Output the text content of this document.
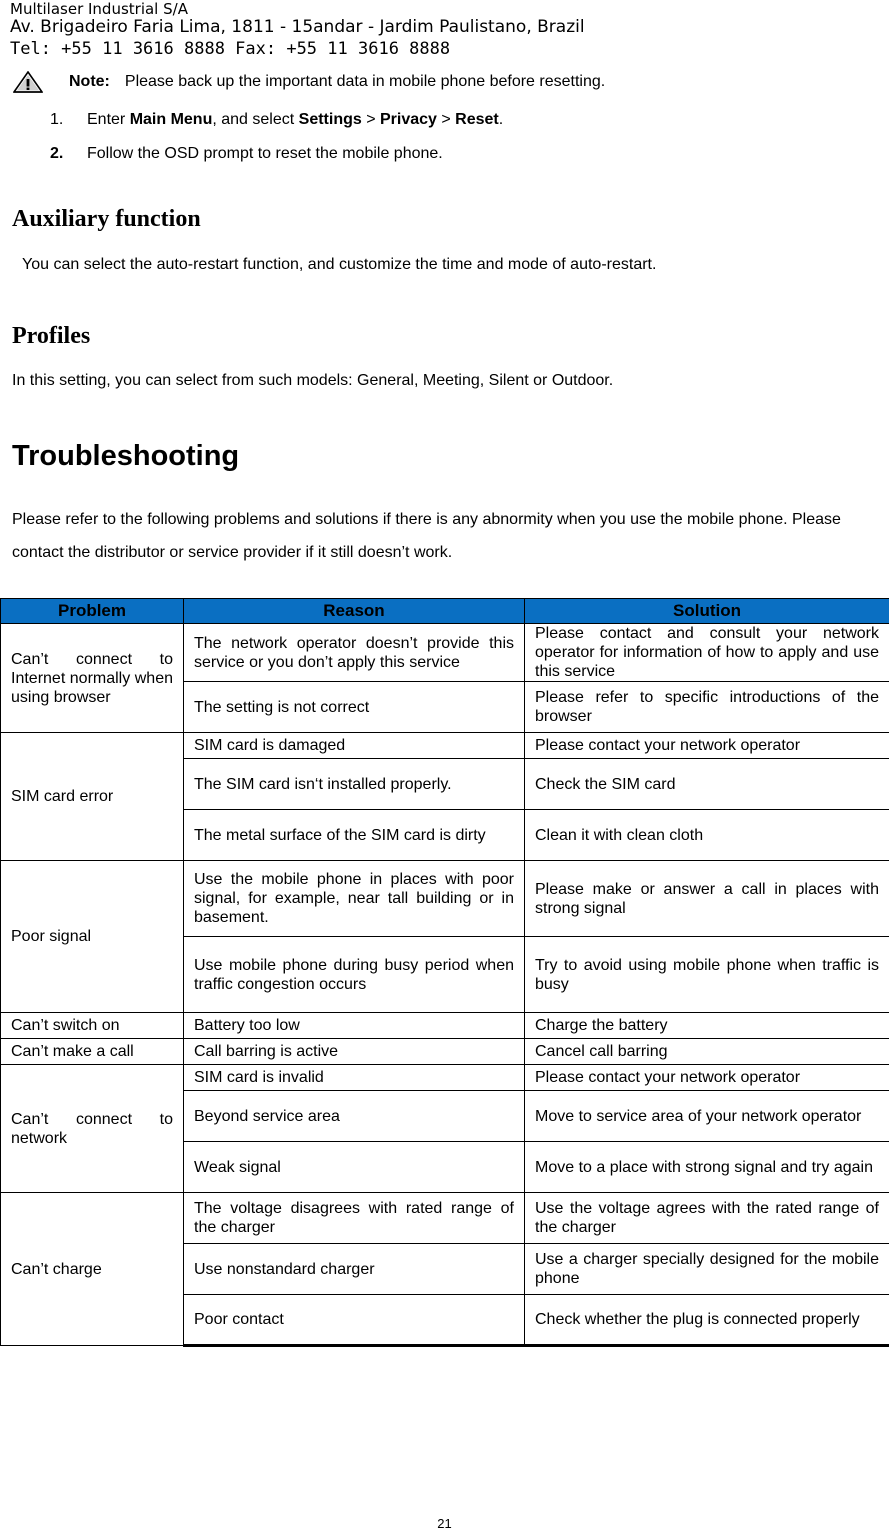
Multilaser Industrial S/A
Av. Brigadeiro Faria Lima, 1811 - 15andar - Jardim Paulistano, Brazil
Tel: +55 11 3616 8888 Fax: +55 11 3616 8888
Note: Please back up the important data in mobile phone before resetting.
1.	Enter Main Menu, and select Settings > Privacy > Reset.
2.	Follow the OSD prompt to reset the mobile phone.
Auxiliary function
You can select the auto-restart function, and customize the time and mode of auto-restart.
Profiles
In this setting, you can select from such models: General, Meeting, Silent or Outdoor.
Troubleshooting
Please refer to the following problems and solutions if there is any abnormity when you use the mobile phone. Please contact the distributor or service provider if it still doesn’t work.
Problem	Reason	Solution
Can’t connect to Internet normally when using browser	The network operator doesn’t provide this service or you don’t apply this service	Please contact and consult your network operator for information of how to apply and use this service
	The setting is not correct	Please refer to specific introductions of the browser
SIM card error	SIM card is damaged	Please contact your network operator
	The SIM card isn‘t installed properly.	Check the SIM card
	The metal surface of the SIM card is dirty	Clean it with clean cloth
Poor signal	Use the mobile phone in places with poor signal, for example, near tall building or in basement.	Please make or answer a call in places with strong signal
	Use mobile phone during busy period when traffic congestion occurs	Try to avoid using mobile phone when traffic is busy
Can’t switch on	Battery too low	Charge the battery
Can’t make a call	Call barring is active	Cancel call barring
Can’t connect to network	SIM card is invalid	Please contact your network operator
	Beyond service area	Move to service area of your network operator
	Weak signal	Move to a place with strong signal and try again
Can’t charge	The voltage disagrees with rated range of the charger	Use the voltage agrees with the rated range of the charger
	Use nonstandard charger	Use a charger specially designed for the mobile phone
	Poor contact	Check whether the plug is connected properly
21
